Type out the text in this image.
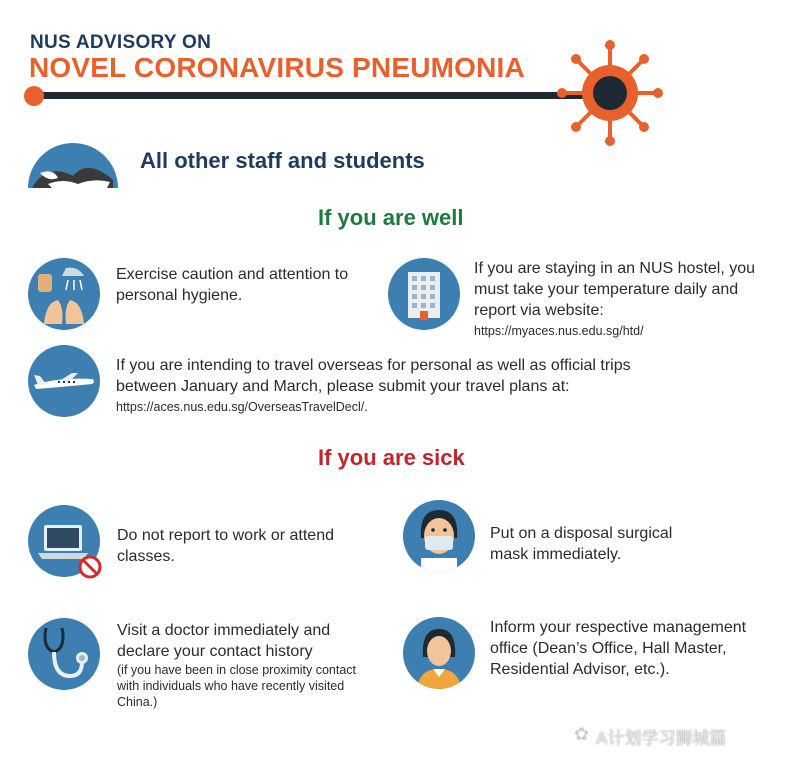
NUS ADVISORY ON
NOVEL CORONAVIRUS PNEUMONIA
All other staff and students
If you are well
Exercise caution and attention to personal hygiene.
If you are staying in an NUS hostel, you must take your temperature daily and report via website:
https://myaces.nus.edu.sg/htd/
If you are intending to travel overseas for personal as well as official trips between January and March, please submit your travel plans at:
https://aces.nus.edu.sg/OverseasTravelDecl/.
If you are sick
Do not report to work or attend classes.
Put on a disposal surgical mask immediately.
Visit a doctor immediately and declare your contact history
(if you have been in close proximity contact with individuals who have recently visited China.)
Inform your respective management office (Dean’s Office, Hall Master, Residential Advisor, etc.).
✿ A计划学习狮城篇
